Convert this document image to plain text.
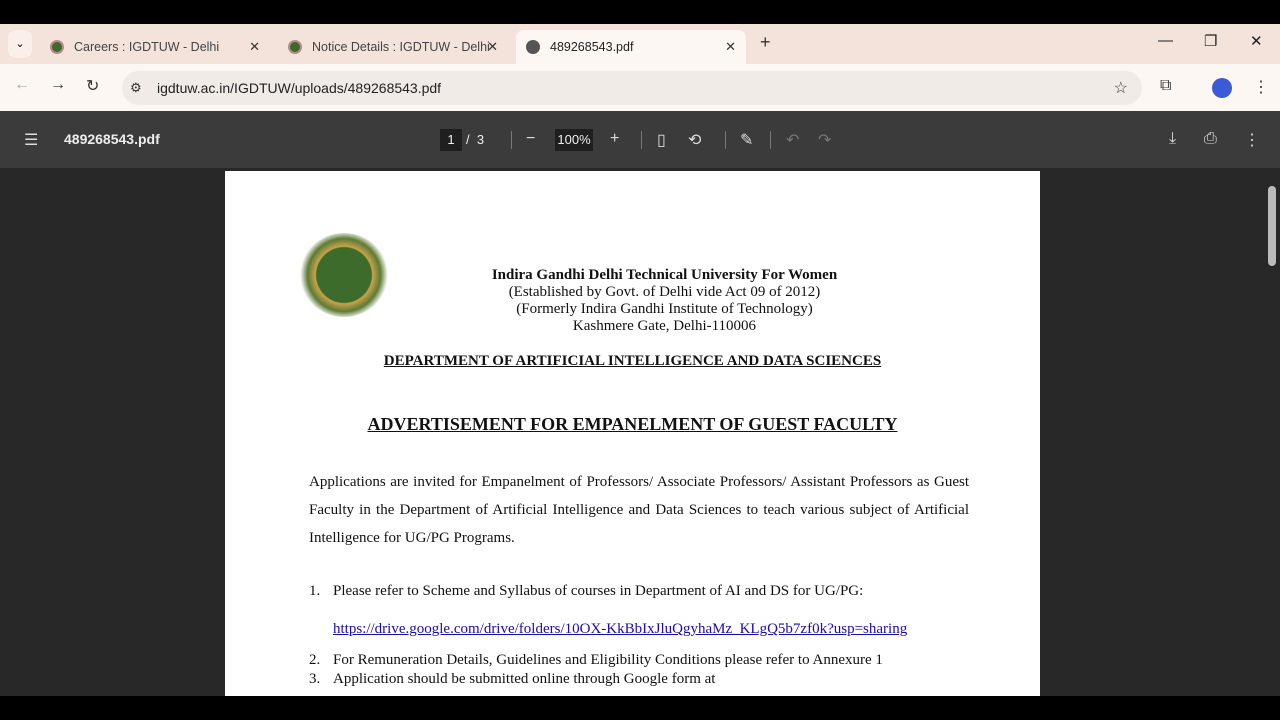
⌄	Careers : IGDTUW - Delhi ✕	Notice Details : IGDTUW - Delhi
✕	489268543.pdf	✕ +	— ❐ ✕
← → ↻ ⚙	igdtuw.ac.in/IGDTUW/uploads/489268543.pdf	☆ ⧉	⋮
☰ 489268543.pdf	1 / 3	− 100% + ▯ ⟲ ✎ ↶ ↷	⤓ ⎙ ⋮
Indira Gandhi Delhi Technical University For Women
(Established by Govt. of Delhi vide Act 09 of 2012)
(Formerly Indira Gandhi Institute of Technology)
Kashmere Gate, Delhi-110006
DEPARTMENT OF ARTIFICIAL INTELLIGENCE AND DATA SCIENCES
ADVERTISEMENT FOR EMPANELMENT OF GUEST FACULTY
Applications are invited for Empanelment of Professors/ Associate Professors/ Assistant Professors as Guest Faculty in the Department of Artificial Intelligence and Data Sciences to teach various subject of Artificial Intelligence for UG/PG Programs.
1. Please refer to Scheme and Syllabus of courses in Department of AI and DS for UG/PG:
https://drive.google.com/drive/folders/10OX-KkBbIxJluQgyhaMz_KLgQ5b7zf0k?usp=sharing
2. For Remuneration Details, Guidelines and Eligibility Conditions please refer to Annexure 1
3. Application should be submitted online through Google form at
